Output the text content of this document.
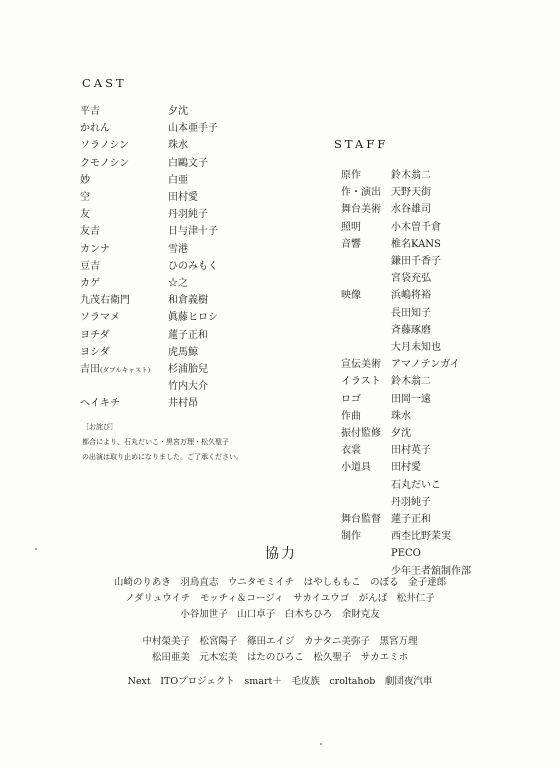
CAST
平吉	夕沈
かれん	山本亜手子
ソラノシン	珠水
クモノシン	白鷗文子
妙	白亜
空	田村愛
友	丹羽純子
友吉	日与津十子
カンナ	雪港
豆吉	ひのみもく
カゲ	☆之
九茂右衛門	和倉義樹
ソラマメ	眞藤ヒロシ
ヨチダ	蓮子正和
ヨシダ	虎馬鯨
吉田(ダブルキャスト) 杉浦胎兒
竹内大介
ヘイキチ	井村昂
［お詫び］
都合により、石丸だいこ・黒宮万理・松久聖子
の出演は取り止めになりました。ご了承ください。
STAFF
原作	鈴木翁二
作・演出 天野天街
舞台美術 水谷雄司
照明	小木曽千倉
音響	椎名KANS
鎌田千香子
宮袋充弘
映像	浜嶋将裕
長田知子
斉藤琢磨
大月未知也
宣伝美術 アマノテンガイ
イラスト 鈴木翁二
ロゴ	田岡一遠
作曲	珠水
振付監修 夕沈
衣裳	田村英子
小道具 田村愛
石丸だいこ
丹羽純子
舞台監督 蓮子正和
制作	西杢比野茉実
PECO
少年王者舘制作部
協力
山崎のりあき　羽鳥直志　ウニタモミイチ　はやしももこ　のぼる　金子達郎
ノダリュウイチ　モッチィ＆コージィ　サカイユウゴ　がんば　松井仁子
小谷加世子　山口卓子　白木ちひろ　余財克友
中村榮美子　松宮陽子　篠田エイジ　カナタニ美弥子　黒宮万理
松田亜美　元木宏美　はたのひろこ　松久聖子　サカエミホ
Next　ITOプロジェクト　smart＋　毛皮族　croltahob　劇団夜汽車
